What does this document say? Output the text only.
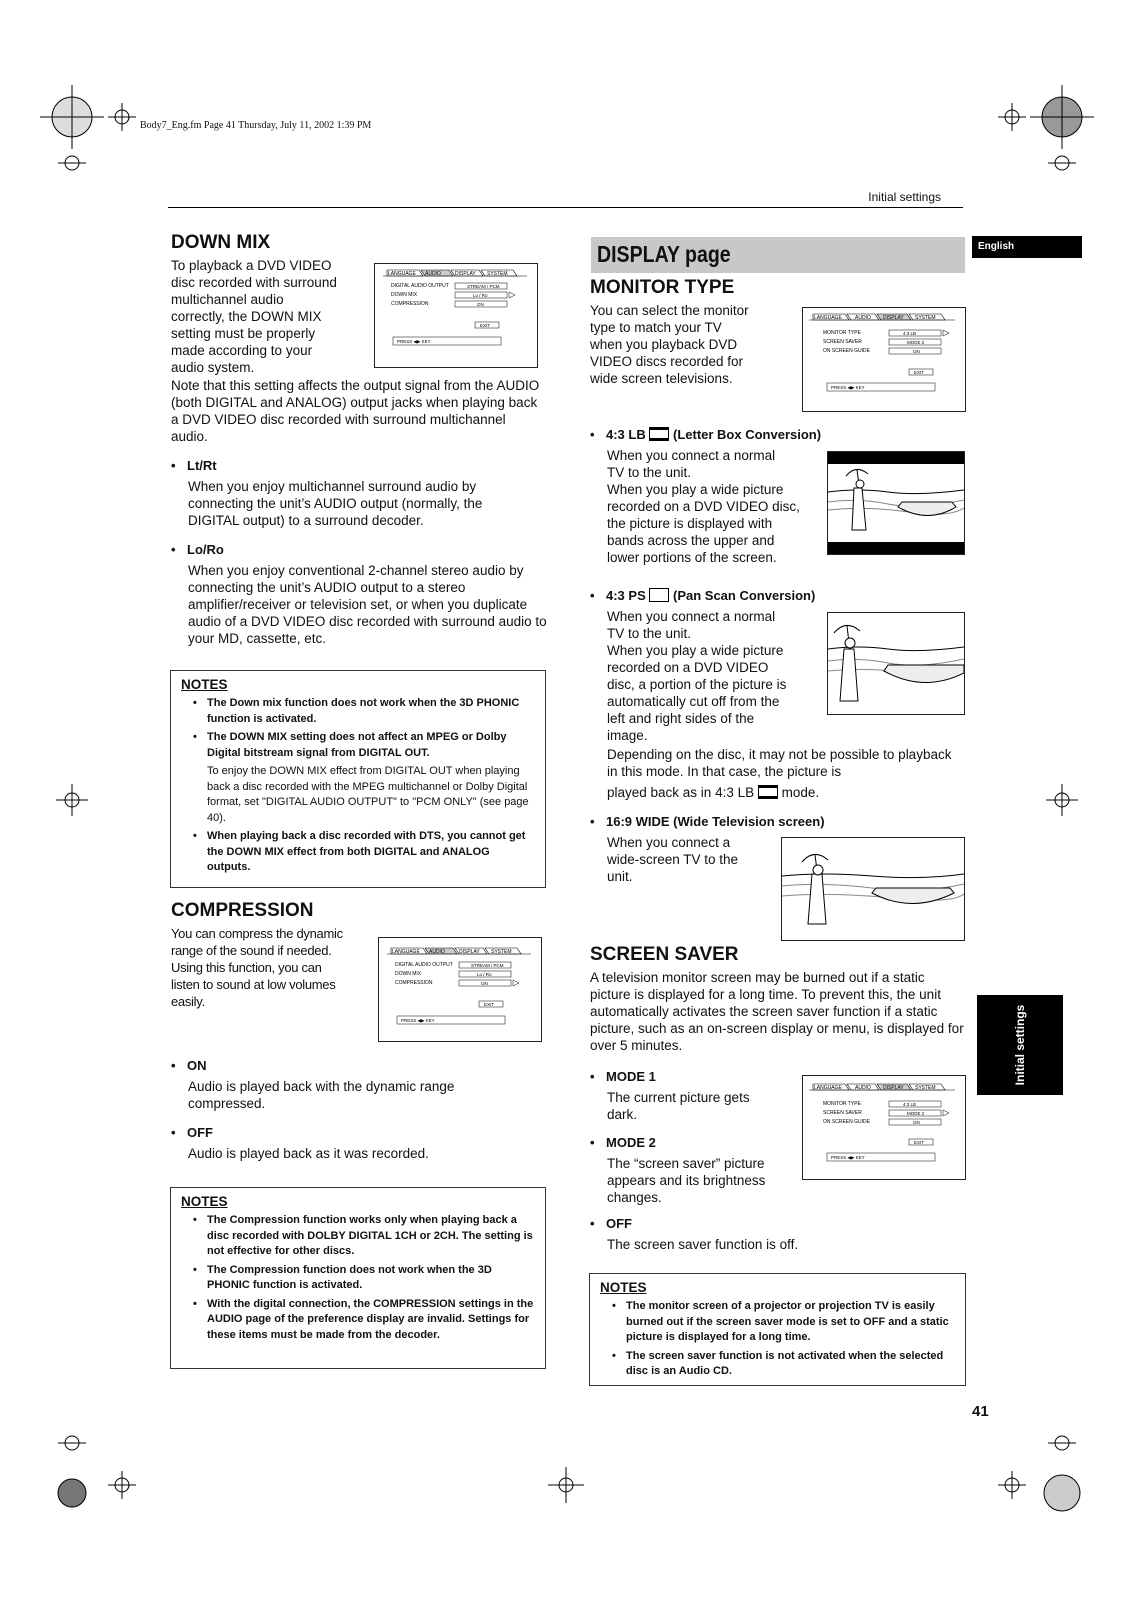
Body7_Eng.fm Page 41 Thursday, July 11, 2002 1:39 PM
Initial settings
English
Initial settings
DOWN MIX

To playback a DVD VIDEO

disc recorded with surround

multichannel audio

correctly, the DOWN MIX

setting must be properly

made according to your

audio system.

LANGUAGE AUDIO	DISPLAY SYSTEM
DIGITAL AUDIO OUTPUT
DOWN MIX
COMPRESSION
STREAM / PCM
Lo / Ro
ON
EXIT
PRESS ◀▶ KEY
Note that this setting affects the output signal from the AUDIO (both DIGITAL and ANALOG) output jacks when playing back a DVD VIDEO disc recorded with surround multichannel audio.
• Lt/Rt
When you enjoy multichannel surround audio by connecting the unit’s AUDIO output (normally, the DIGITAL output) to a surround decoder.
• Lo/Ro
When you enjoy conventional 2-channel stereo audio by connecting the unit’s AUDIO output to a stereo amplifier/receiver or television set, or when you duplicate audio of a DVD VIDEO disc recorded with surround audio to your MD, cassette, etc.
NOTES
• The Down mix function does not work when the 3D PHONIC function is activated.
• The DOWN MIX setting does not affect an MPEG or Dolby Digital bitstream signal from DIGITAL OUT.
To enjoy the DOWN MIX effect from DIGITAL OUT when playing back a disc recorded with the MPEG multichannel or Dolby Digital format, set "DIGITAL AUDIO OUTPUT" to "PCM ONLY" (see page 40).
• When playing back a disc recorded with DTS, you cannot get the DOWN MIX effect from both DIGITAL and ANALOG outputs.
COMPRESSION

You can compress the dynamic

range of the sound if needed.

Using this function, you can

listen to sound at low volumes

easily.

LANGUAGE AUDIO	DISPLAY SYSTEM
DIGITAL AUDIO OUTPUT
DOWN MIX
COMPRESSION
STREAM / PCM
Lo / Ro
ON
EXIT
PRESS ◀▶ KEY
• ON
Audio is played back with the dynamic range compressed.
• OFF
Audio is played back as it was recorded.
NOTES
• The Compression function works only when playing back a disc recorded with DOLBY DIGITAL 1CH or 2CH. The setting is not effective for other discs.
• The Compression function does not work when the 3D PHONIC function is activated.
• With the digital connection, the COMPRESSION settings in the AUDIO page of the preference display are invalid. Settings for these items must be made from the decoder.
DISPLAY page
MONITOR TYPE

You can select the monitor

type to match your TV

when you playback DVD

VIDEO discs recorded for

wide screen televisions.

LANGUAGE	AUDIO DISPLAY SYSTEM
MONITOR TYPE
SCREEN SAVER
ON SCREEN GUIDE
4:3 LB
MODE 2
ON
EXIT
PRESS ◀▶ KEY
• 4:3 LB (Letter Box Conversion)

When you connect a normal

TV to the unit.

When you play a wide picture

recorded on a DVD VIDEO disc,

the picture is displayed with

bands across the upper and

lower portions of the screen.

• 4:3 PS (Pan Scan Conversion)

When you connect a normal

TV to the unit.

When you play a wide picture

recorded on a DVD VIDEO

disc, a portion of the picture is

automatically cut off from the

left and right sides of the

image.

Depending on the disc, it may not be possible to playback in this mode. In that case, the picture is
played back as in 4:3 LB mode.
• 16:9 WIDE (Wide Television screen)

When you connect a

wide-screen TV to the

unit.

SCREEN SAVER
A television monitor screen may be burned out if a static picture is displayed for a long time. To prevent this, the unit automatically activates the screen saver function if a static picture, such as an on-screen display or menu, is displayed for over 5 minutes.
• MODE 1

The current picture gets

dark.

• MODE 2

The “screen saver” picture

appears and its brightness

changes.

LANGUAGE	AUDIO DISPLAY SYSTEM
MONITOR TYPE
SCREEN SAVER
ON SCREEN GUIDE
4:3 LB
MODE 2
ON
EXIT
PRESS ◀▶ KEY
• OFF
The screen saver function is off.
NOTES
• The monitor screen of a projector or projection TV is easily burned out if the screen saver mode is set to OFF and a static picture is displayed for a long time.
• The screen saver function is not activated when the selected disc is an Audio CD.
41
